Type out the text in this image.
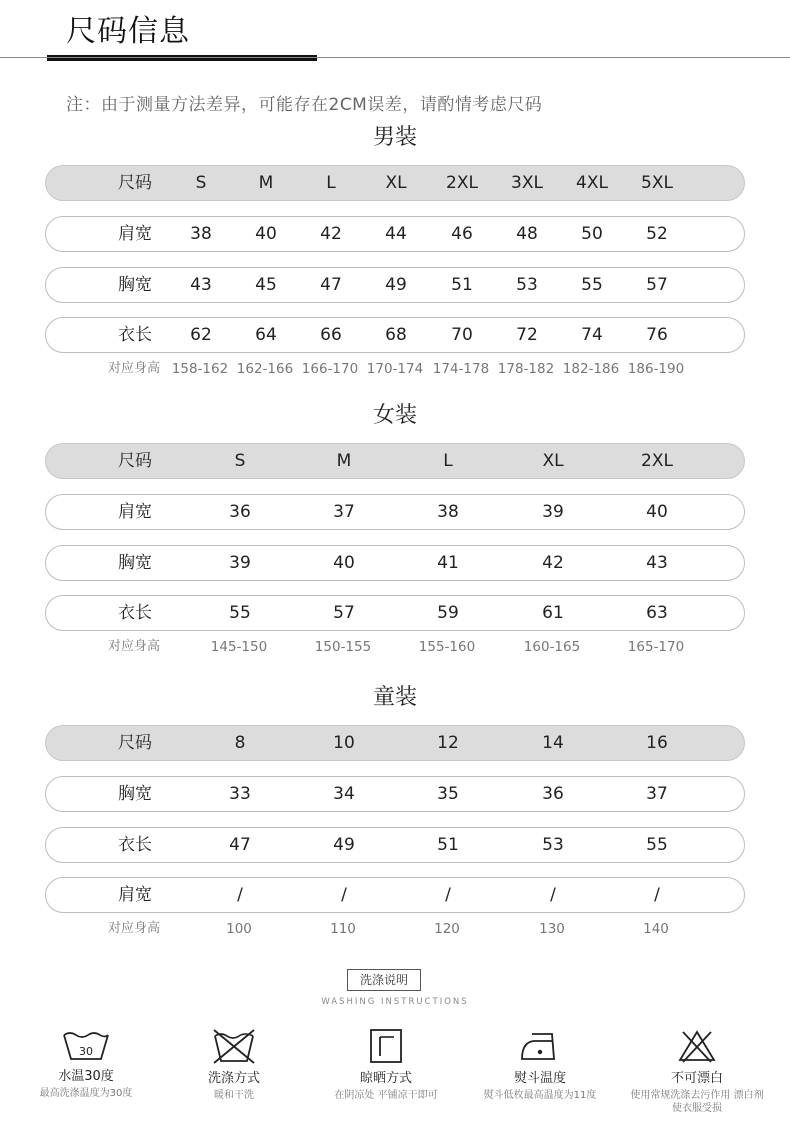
尺码信息
注：由于测量方法差异，可能存在2CM误差，请酌情考虑尺码
男装
尺码	S	M	L	XL	2XL	3XL	4XL	5XL
肩宽	38	40	42	44	46	48	50	52
胸宽	43	45	47	49	51	53	55	57
衣长	62	64	66	68	70	72	74	76
对应身高 158-162 162-166 166-170 170-174 174-178 178-182 182-186 186-190
女装
尺码	S	M	L	XL	2XL
肩宽	36	37	38	39	40
胸宽	39	40	41	42	43
衣长	55	57	59	61	63
对应身高	145-150	150-155	155-160	160-165	165-170
童装
尺码	8	10	12	14	16
胸宽	33	34	35	36	37
衣长	47	49	51	53	55
肩宽	/	/	/	/	/
对应身高	100	110	120	130	140
洗涤说明
WASHING INSTRUCTIONS
30
水温30度
最高洗涤温度为30度
洗涤方式
暖和干洗
晾晒方式
在阴凉处 平铺凉干即可
熨斗温度
熨斗低枚最高温度为11度
不可漂白
使用常规洗涤去污作用 漂白剂使衣服受损
